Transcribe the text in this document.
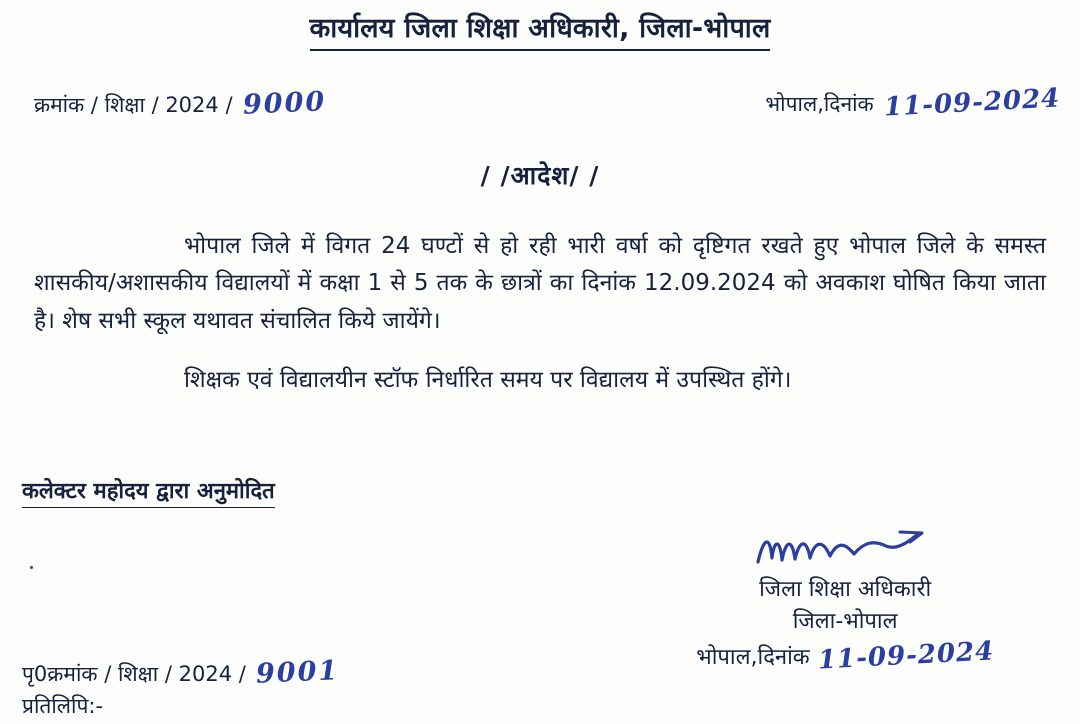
कार्यालय जिला शिक्षा अधिकारी, जिला-भोपाल
क्रमांक / शिक्षा / 2024 / 9000	भोपाल,दिनांक 11-09-2024
/ /आदेश/ /

भोपाल जिले में विगत 24 घण्टों से हो रही भारी वर्षा को दृष्टिगत रखते हुए भोपाल जिले के समस्त शासकीय/अशासकीय विद्यालयों में कक्षा 1 से 5 तक के छात्रों का दिनांक 12.09.2024 को अवकाश घोषित किया जाता है। शेष सभी स्कूल यथावत संचालित किये जायेंगे।

शिक्षक एवं विद्यालयीन स्टॉफ निर्धारित समय पर विद्यालय में उपस्थित होंगे।

कलेक्टर महोदय द्वारा अनुमोदित
जिला शिक्षा अधिकारी
जिला-भोपाल
भोपाल,दिनांक 11-09-2024
पृ0क्रमांक / शिक्षा / 2024 / 9001
प्रतिलिपि:-
